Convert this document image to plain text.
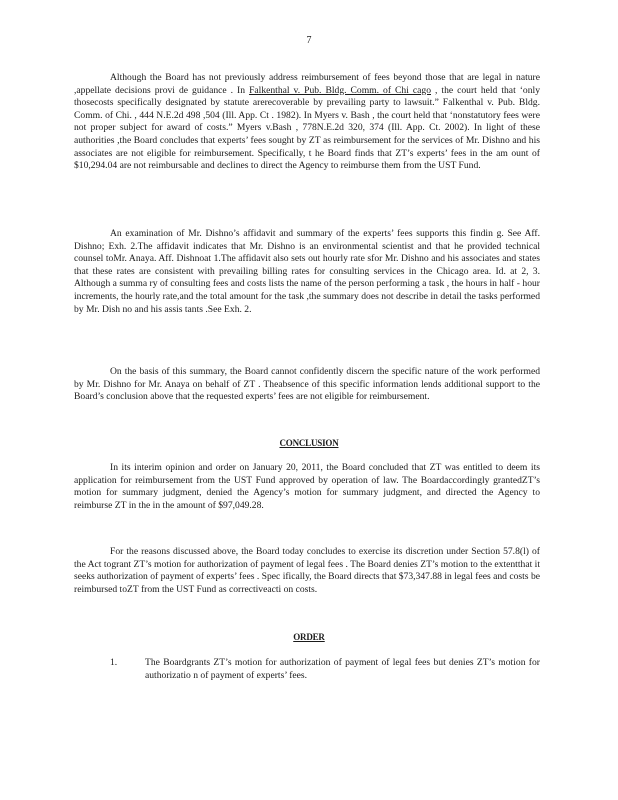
7

Although the Board has not previously address reimbursement of fees beyond those that are legal in nature ,appellate decisions provi de guidance . In Falkenthal v. Pub. Bldg. Comm. of Chi cago , the court held that ‘only thosecosts specifically designated by statute arerecoverable by prevailing party to lawsuit.” Falkenthal v. Pub. Bldg. Comm. of Chi. , 444 N.E.2d 498 ,504 (Ill. App. Ct . 1982). In Myers v. Bash , the court held that ‘nonstatutory fees were not proper subject for award of costs.” Myers v.Bash , 778N.E.2d 320, 374 (Ill. App. Ct. 2002). In light of these authorities ,the Board concludes that experts’ fees sought by ZT as reimbursement for the services of Mr. Dishno and his associates are not eligible for reimbursement. Specifically, t he Board finds that ZT’s experts’ fees in the am ount of $10,294.04 are not reimbursable and declines to direct the Agency to reimburse them from the UST Fund.

An examination of Mr. Dishno’s affidavit and summary of the experts’ fees supports this findin g. See Aff. Dishno; Exh. 2.The affidavit indicates that Mr. Dishno is an environmental scientist and that he provided technical counsel toMr. Anaya. Aff. Dishnoat 1.The affidavit also sets out hourly rate sfor Mr. Dishno and his associates and states that these rates are consistent with prevailing billing rates for consulting services in the Chicago area. Id. at 2, 3. Although a summa ry of consulting fees and costs lists the name of the person performing a task , the hours in half - hour increments, the hourly rate,and the total amount for the task ,the summary does not describe in detail the tasks performed by Mr. Dish no and his assis tants .See Exh. 2.

On the basis of this summary, the Board cannot confidently discern the specific nature of the work performed by Mr. Dishno for Mr. Anaya on behalf of ZT . Theabsence of this specific information lends additional support to the Board’s conclusion above that the requested experts’ fees are not eligible for reimbursement.

CONCLUSION

In its interim opinion and order on January 20, 2011, the Board concluded that ZT was entitled to deem its application for reimbursement from the UST Fund approved by operation of law. The Boardaccordingly grantedZT’s motion for summary judgment, denied the Agency’s motion for summary judgment, and directed the Agency to reimburse ZT in the in the amount of $97,049.28.

For the reasons discussed above, the Board today concludes to exercise its discretion under Section 57.8(l) of the Act togrant ZT’s motion for authorization of payment of legal fees . The Board denies ZT’s motion to the extentthat it seeks authorization of payment of experts’ fees . Spec ifically, the Board directs that $73,347.88 in legal fees and costs be reimbursed toZT from the UST Fund as correctiveacti on costs.

ORDER
1.	The Boardgrants ZT’s motion for authorization of payment of legal fees but denies ZT’s motion for authorizatio n of payment of experts’ fees.
